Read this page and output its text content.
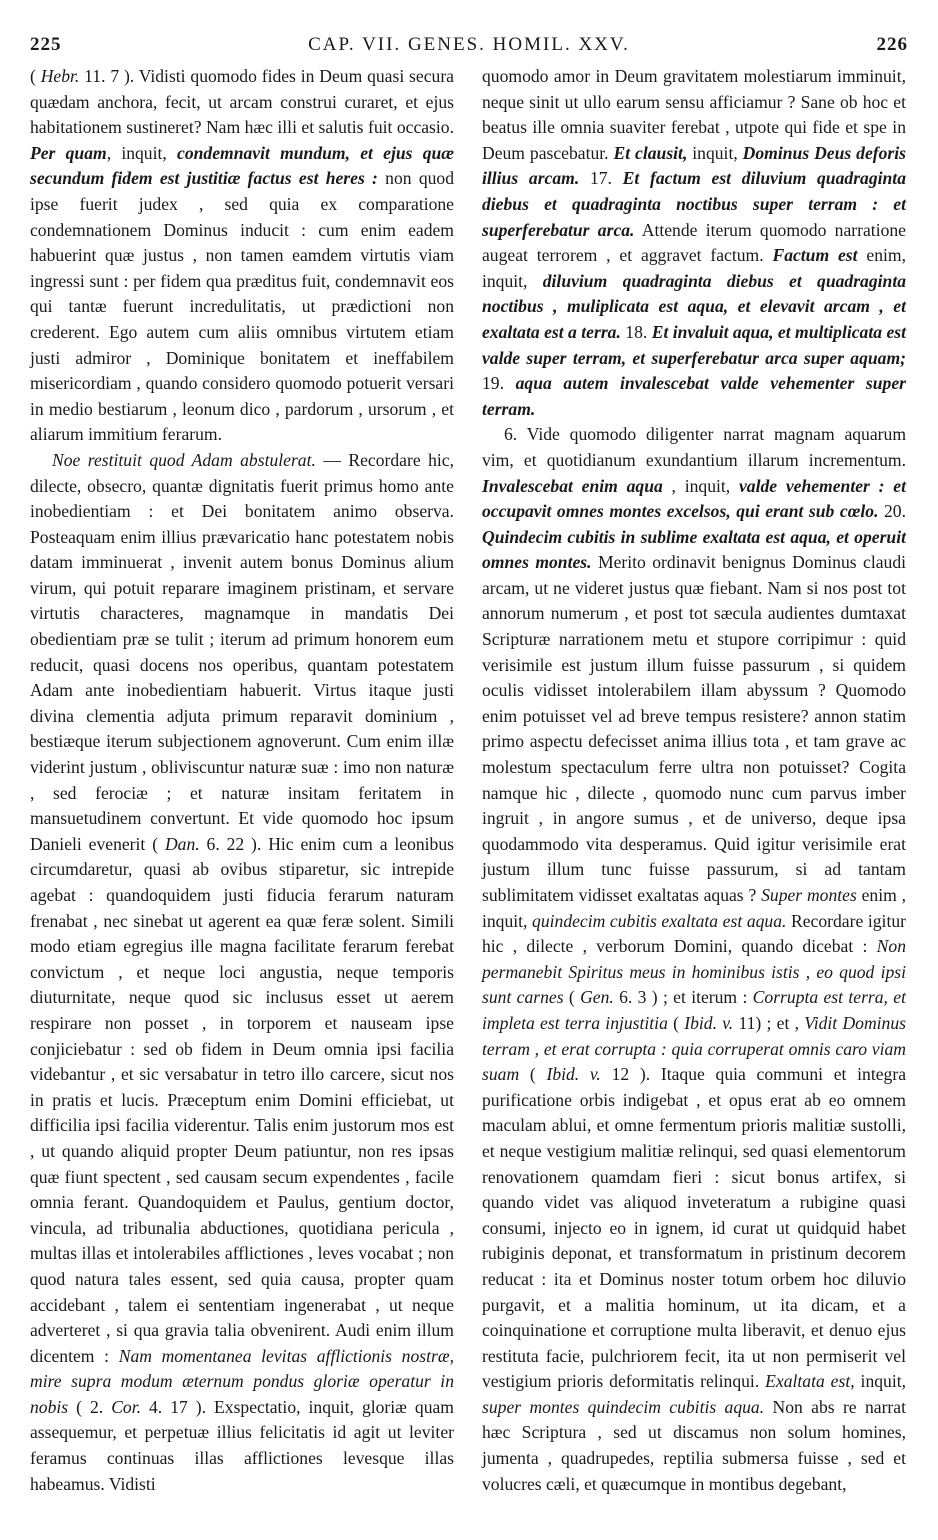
225	CAP. VII. GENES. HOMIL. XXV.	226

( Hebr. 11. 7 ). Vidisti quomodo fides in Deum quasi secura quædam anchora, fecit, ut arcam construi curaret, et ejus habitationem sustineret? Nam hæc illi et salutis fuit occasio. Per quam, inquit, condemnavit mundum, et ejus quæ secundum fidem est justitiæ factus est heres : non quod ipse fuerit judex , sed quia ex comparatione condemnationem Dominus inducit : cum enim eadem habuerint quæ justus , non tamen eamdem virtutis viam ingressi sunt : per fidem qua præditus fuit, condemnavit eos qui tantæ fuerunt incredulitatis, ut prædictioni non crederent. Ego autem cum aliis omnibus virtutem etiam justi admiror , Dominique bonitatem et ineffabilem misericordiam , quando considero quomodo potuerit versari in medio bestiarum , leonum dico , pardorum , ursorum , et aliarum immitium ferarum.

Noe restituit quod Adam abstulerat. — Recordare hic, dilecte, obsecro, quantæ dignitatis fuerit primus homo ante inobedientiam : et Dei bonitatem animo observa. Posteaquam enim illius prævaricatio hanc potestatem nobis datam imminuerat , invenit autem bonus Dominus alium virum, qui potuit reparare imaginem pristinam, et servare virtutis characteres, magnamque in mandatis Dei obedientiam præ se tulit ; iterum ad primum honorem eum reducit, quasi docens nos operibus, quantam potestatem Adam ante inobedientiam habuerit. Virtus itaque justi divina clementia adjuta primum reparavit dominium , bestiæque iterum subjectionem agnoverunt. Cum enim illæ viderint justum , obliviscuntur naturæ suæ : imo non naturæ , sed ferociæ ; et naturæ insitam feritatem in mansuetudinem convertunt. Et vide quomodo hoc ipsum Danieli evenerit ( Dan. 6. 22 ). Hic enim cum a leonibus circumdaretur, quasi ab ovibus stiparetur, sic intrepide agebat : quandoquidem justi fiducia ferarum naturam frenabat , nec sinebat ut agerent ea quæ feræ solent. Simili modo etiam egregius ille magna facilitate ferarum ferebat convictum , et neque loci angustia, neque temporis diuturnitate, neque quod sic inclusus esset ut aerem respirare non posset , in torporem et nauseam ipse conjiciebatur : sed ob fidem in Deum omnia ipsi facilia videbantur , et sic versabatur in tetro illo carcere, sicut nos in pratis et lucis. Præceptum enim Domini efficiebat, ut difficilia ipsi facilia viderentur. Talis enim justorum mos est , ut quando aliquid propter Deum patiuntur, non res ipsas quæ fiunt spectent , sed causam secum expendentes , facile omnia ferant. Quandoquidem et Paulus, gentium doctor, vincula, ad tribunalia abductiones, quotidiana pericula , multas illas et intolerabiles afflictiones , leves vocabat ; non quod natura tales essent, sed quia causa, propter quam accidebant , talem ei sententiam ingenerabat , ut neque adverteret , si qua gravia talia obvenirent. Audi enim illum dicentem : Nam momentanea levitas afflictionis nostræ, mire supra modum æternum pondus gloriæ operatur in nobis ( 2. Cor. 4. 17 ). Exspectatio, inquit, gloriæ quam assequemur, et perpetuæ illius felicitatis id agit ut leviter feramus continuas illas afflictiones levesque illas habeamus. Vidisti

quomodo amor in Deum gravitatem molestiarum imminuit, neque sinit ut ullo earum sensu afficiamur ? Sane ob hoc et beatus ille omnia suaviter ferebat , utpote qui fide et spe in Deum pascebatur. Et clausit, inquit, Dominus Deus deforis illius arcam. 17. Et factum est diluvium quadraginta diebus et quadraginta noctibus super terram : et superferebatur arca. Attende iterum quomodo narratione augeat terrorem , et aggravet factum. Factum est enim, inquit, diluvium quadraginta diebus et quadraginta noctibus , muliplicata est aqua, et elevavit arcam , et exaltata est a terra. 18. Et invaluit aqua, et multiplicata est valde super terram, et superferebatur arca super aquam; 19. aqua autem invalescebat valde vehementer super terram.

6. Vide quomodo diligenter narrat magnam aquarum vim, et quotidianum exundantium illarum incrementum. Invalescebat enim aqua , inquit, valde vehementer : et occupavit omnes montes excelsos, qui erant sub cœlo. 20. Quindecim cubitis in sublime exaltata est aqua, et operuit omnes montes. Merito ordinavit benignus Dominus claudi arcam, ut ne videret justus quæ fiebant. Nam si nos post tot annorum numerum , et post tot sæcula audientes dumtaxat Scripturæ narrationem metu et stupore corripimur : quid verisimile est justum illum fuisse passurum , si quidem oculis vidisset intolerabilem illam abyssum ? Quomodo enim potuisset vel ad breve tempus resistere? annon statim primo aspectu defecisset anima illius tota , et tam grave ac molestum spectaculum ferre ultra non potuisset? Cogita namque hic , dilecte , quomodo nunc cum parvus imber ingruit , in angore sumus , et de universo, deque ipsa quodammodo vita desperamus. Quid igitur verisimile erat justum illum tunc fuisse passurum, si ad tantam sublimitatem vidisset exaltatas aquas ? Super montes enim , inquit, quindecim cubitis exaltata est aqua. Recordare igitur hic , dilecte , verborum Domini, quando dicebat : Non permanebit Spiritus meus in hominibus istis , eo quod ipsi sunt carnes ( Gen. 6. 3 ) ; et iterum : Corrupta est terra, et impleta est terra injustitia ( Ibid. v. 11) ; et , Vidit Dominus terram , et erat corrupta : quia corruperat omnis caro viam suam ( Ibid. v. 12 ). Itaque quia communi et integra purificatione orbis indigebat , et opus erat ab eo omnem maculam ablui, et omne fermentum prioris malitiæ sustolli, et neque vestigium malitiæ relinqui, sed quasi elementorum renovationem quamdam fieri : sicut bonus artifex, si quando videt vas aliquod inveteratum a rubigine quasi consumi, injecto eo in ignem, id curat ut quidquid habet rubiginis deponat, et transformatum in pristinum decorem reducat : ita et Dominus noster totum orbem hoc diluvio purgavit, et a malitia hominum, ut ita dicam, et a coinquinatione et corruptione multa liberavit, et denuo ejus restituta facie, pulchriorem fecit, ita ut non permiserit vel vestigium prioris deformitatis relinqui. Exaltata est, inquit, super montes quindecim cubitis aqua. Non abs re narrat hæc Scriptura , sed ut discamus non solum homines, jumenta , quadrupedes, reptilia submersa fuisse , sed et volucres cæli, et quæcumque in montibus degebant,
